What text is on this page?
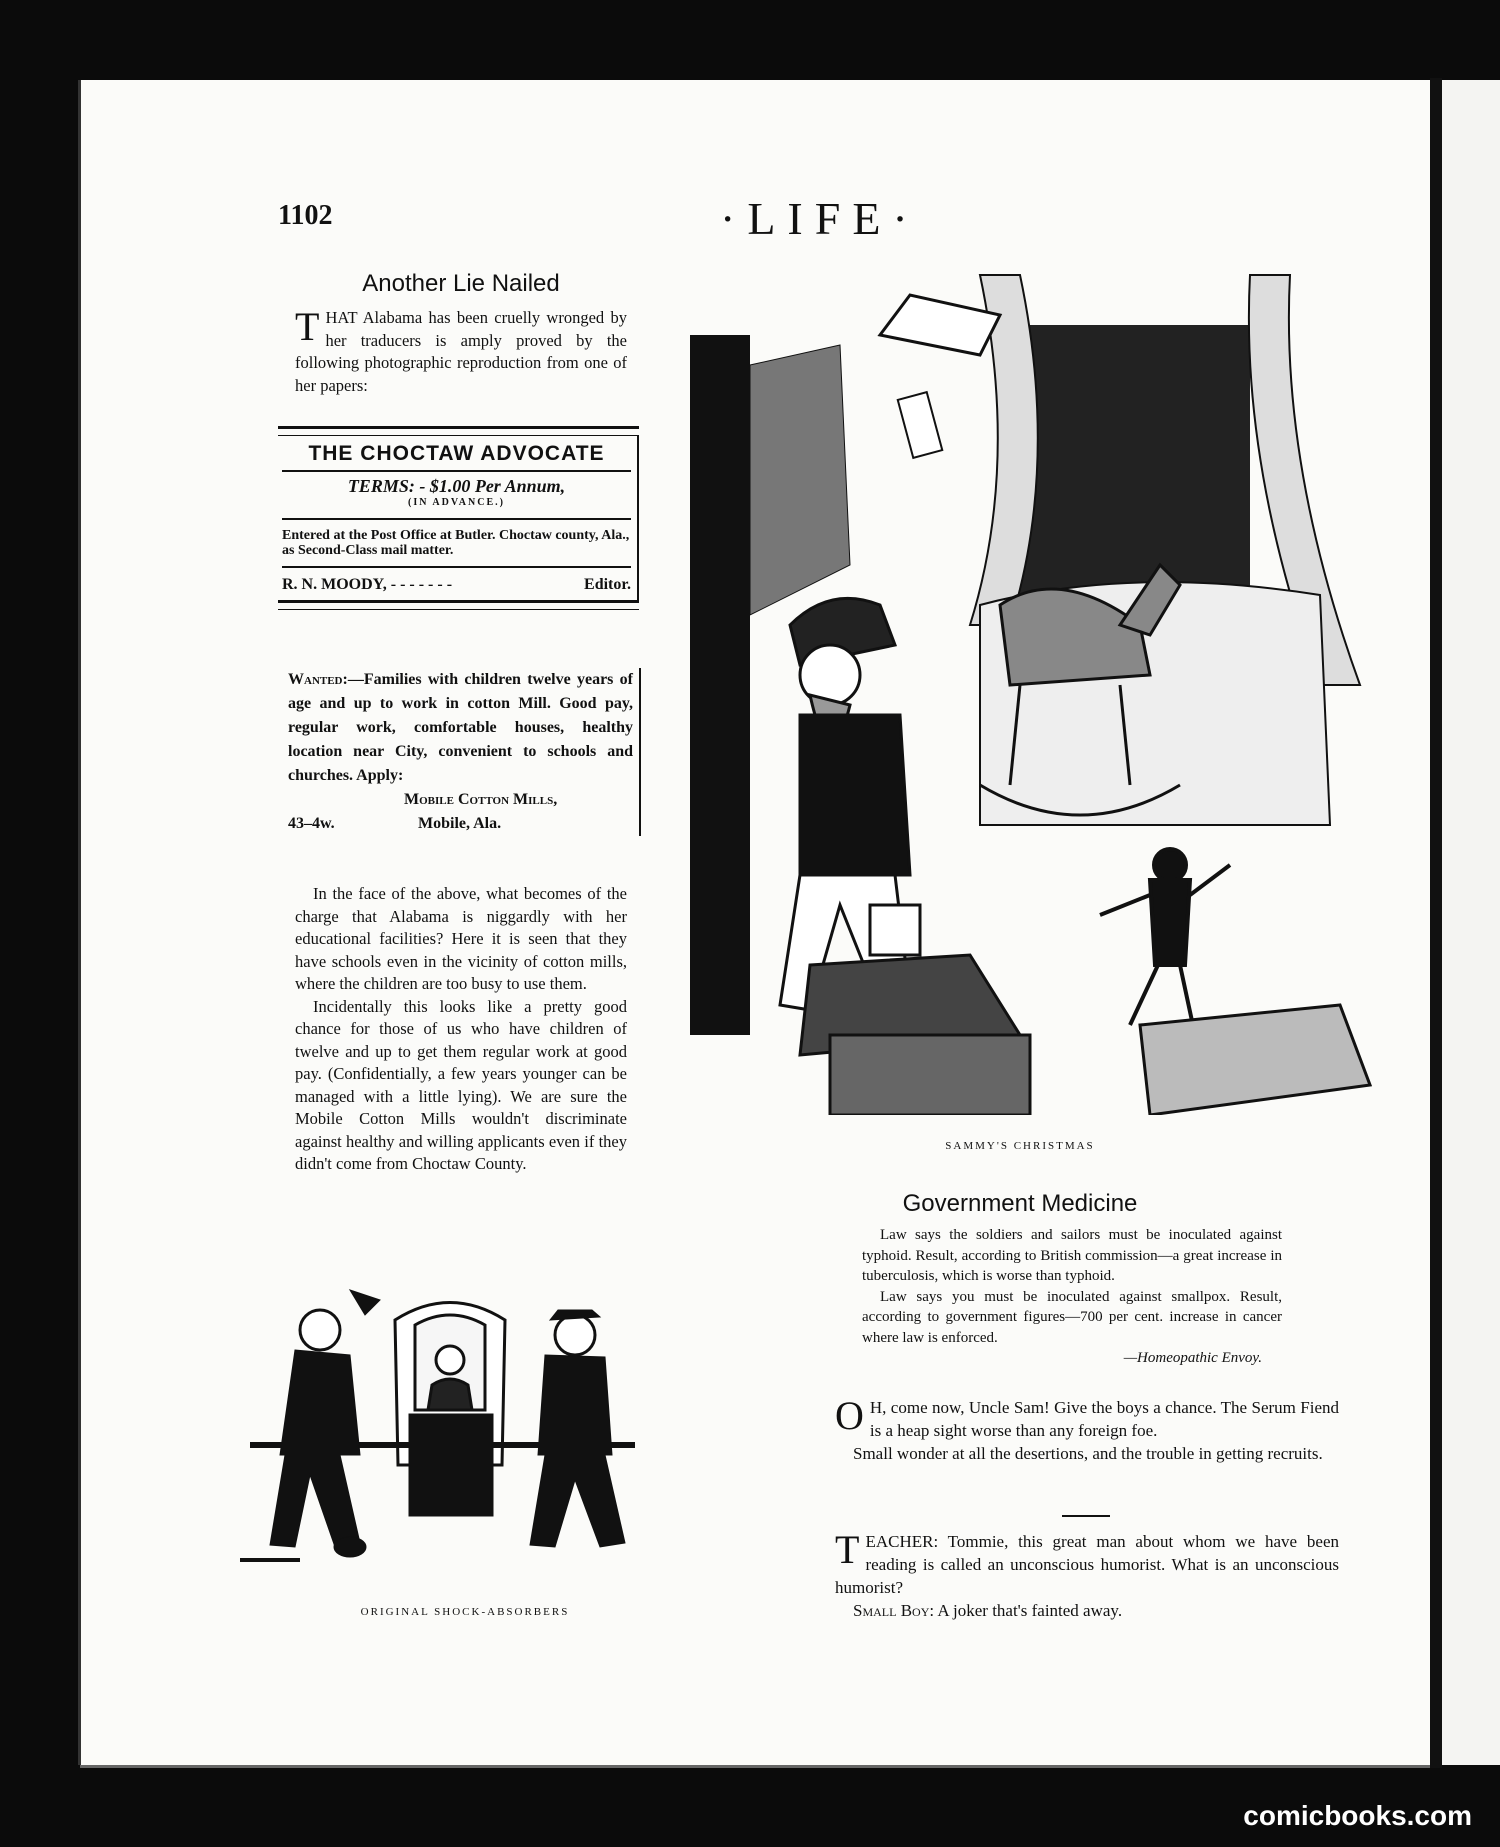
1102	·LIFE·
Another Lie Nailed

THAT Alabama has been cruelly wronged by her traducers is amply proved by the following photographic reproduction from one of her papers:

THE CHOCTAW ADVOCATE
TERMS: - $1.00 Per Annum,
(IN ADVANCE.)
Entered at the Post Office at Butler. Choctaw county, Ala., as Second-Class mail matter.
R. N. MOODY, - - - - - - -	Editor.
Wanted:—Families with children twelve years of age and up to work in cotton Mill. Good pay, regular work, comfortable houses, healthy location near City, convenient to schools and churches. Apply:
Mobile Cotton Mills,
43–4w.	Mobile, Ala.

In the face of the above, what becomes of the charge that Alabama is niggardly with her educational facilities? Here it is seen that they have schools even in the vicinity of cotton mills, where the children are too busy to use them.

Incidentally this looks like a pretty good chance for those of us who have children of twelve and up to get them regular work at good pay. (Confidentially, a few years younger can be managed with a little lying). We are sure the Mobile Cotton Mills wouldn't discriminate against healthy and willing applicants even if they didn't come from Choctaw County.

ORIGINAL SHOCK-ABSORBERS
SAMMY'S CHRISTMAS
Government Medicine

Law says the soldiers and sailors must be inoculated against typhoid. Result, according to British commission—a great increase in tuberculosis, which is worse than typhoid.

Law says you must be inoculated against smallpox. Result, according to government figures—700 per cent. increase in cancer where law is enforced.

—Homeopathic Envoy.

O H, come now, Uncle Sam! Give the boys a chance. The Serum Fiend is a heap sight worse than any foreign foe.

Small wonder at all the desertions, and the trouble in getting recruits.

TEACHER: Tommie, this great man about whom we have been reading is called an unconscious humorist. What is an unconscious humorist?

Small Boy: A joker that's fainted away.

comicbooks.com
